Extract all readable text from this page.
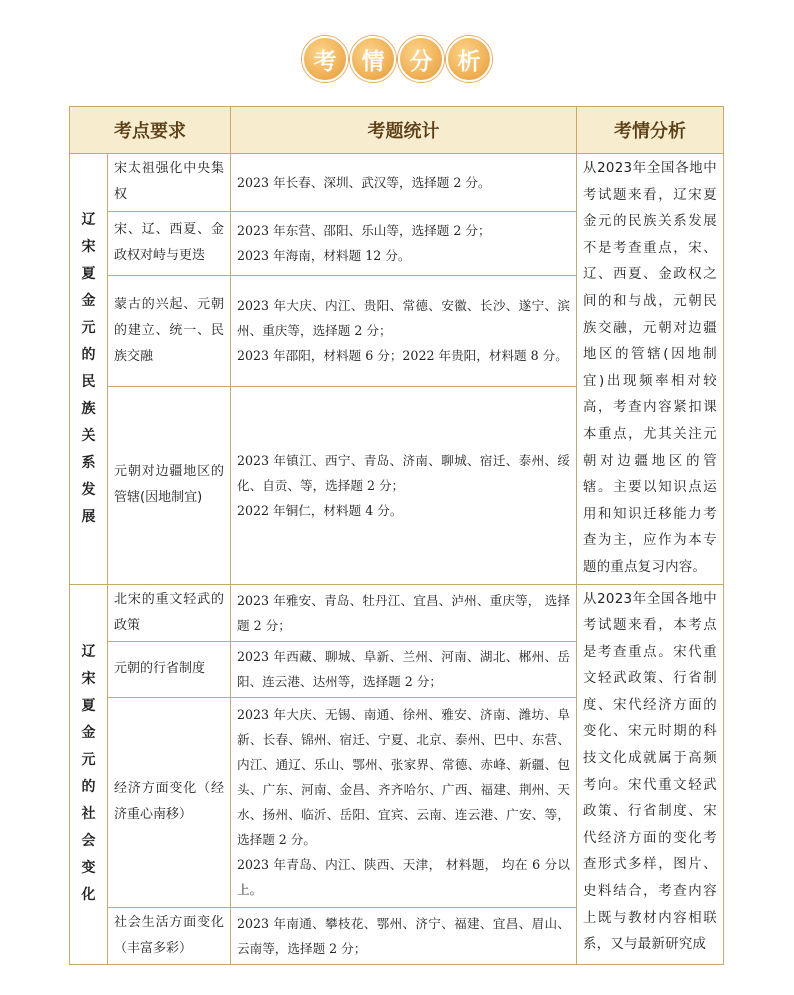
考	情	分	析
考点要求		考题统计	考情分析
辽宋夏金元的民族关系发展	宋太祖强化中央集权	2023 年长春、深圳、武汉等，选择题 2 分。	从2023年全国各地中考试题来看，辽宋夏金元的民族关系发展不是考查重点，宋、辽、西夏、金政权之间的和与战，元朝民族交融，元朝对边疆地区的管辖(因地制宜)出现频率相对较高，考查内容紧扣课本重点，尤其关注元朝对边疆地区的管辖。主要以知识点运用和知识迁移能力考查为主，应作为本专题的重点复习内容。
	宋、辽、西夏、金政权对峙与更迭	2023 年东营、邵阳、乐山等，选择题 2 分；
2023 年海南，材料题 12 分。	

	蒙古的兴起、元朝的建立、统一、民族交融	2023 年大庆、内江、贵阳、常德、安徽、长沙、遂宁、滨州、重庆等，选择题 2 分；
2023 年邵阳，材料题 6 分；2022 年贵阳，材料题 8 分。	

	元朝对边疆地区的管辖(因地制宜)	2023 年镇江、西宁、青岛、济南、聊城、宿迁、泰州、绥化、自贡、等，选择题 2 分；
2022 年铜仁，材料题 4 分。	

辽宋夏金元的社会变化	北宋的重文轻武的政策	2023 年雅安、青岛、牡丹江、宜昌、泸州、重庆等， 选择题 2 分；	从2023年全国各地中考试题来看，本考点是考查重点。宋代重文轻武政策、行省制度、宋代经济方面的变化、宋元时期的科技文化成就属于高频考向。宋代重文轻武政策、行省制度、宋代经济方面的变化考查形式多样，图片、史料结合，考查内容上既与教材内容相联系，又与最新研究成

	元朝的行省制度	2023 年西藏、聊城、阜新、兰州、河南、湖北、郴州、岳阳、连云港、达州等，选择题 2 分；	

	经济方面变化（经济重心南移）	2023 年大庆、无锡、南通、徐州、雅安、济南、潍坊、阜新、长春、锦州、宿迁、宁夏、北京、泰州、巴中、东营、内江、通辽、乐山、鄂州、张家界、常德、赤峰、新疆、包头、广东、河南、金昌、齐齐哈尔、广西、福建、荆州、天水、扬州、临沂、岳阳、宜宾、云南、连云港、广安、等，选择题 2 分。
2023 年青岛、内江、陕西、天津， 材料题， 均在 6 分以上。	

	社会生活方面变化（丰富多彩）	2023 年南通、攀枝花、鄂州、济宁、福建、宜昌、眉山、云南等，选择题 2 分；	
